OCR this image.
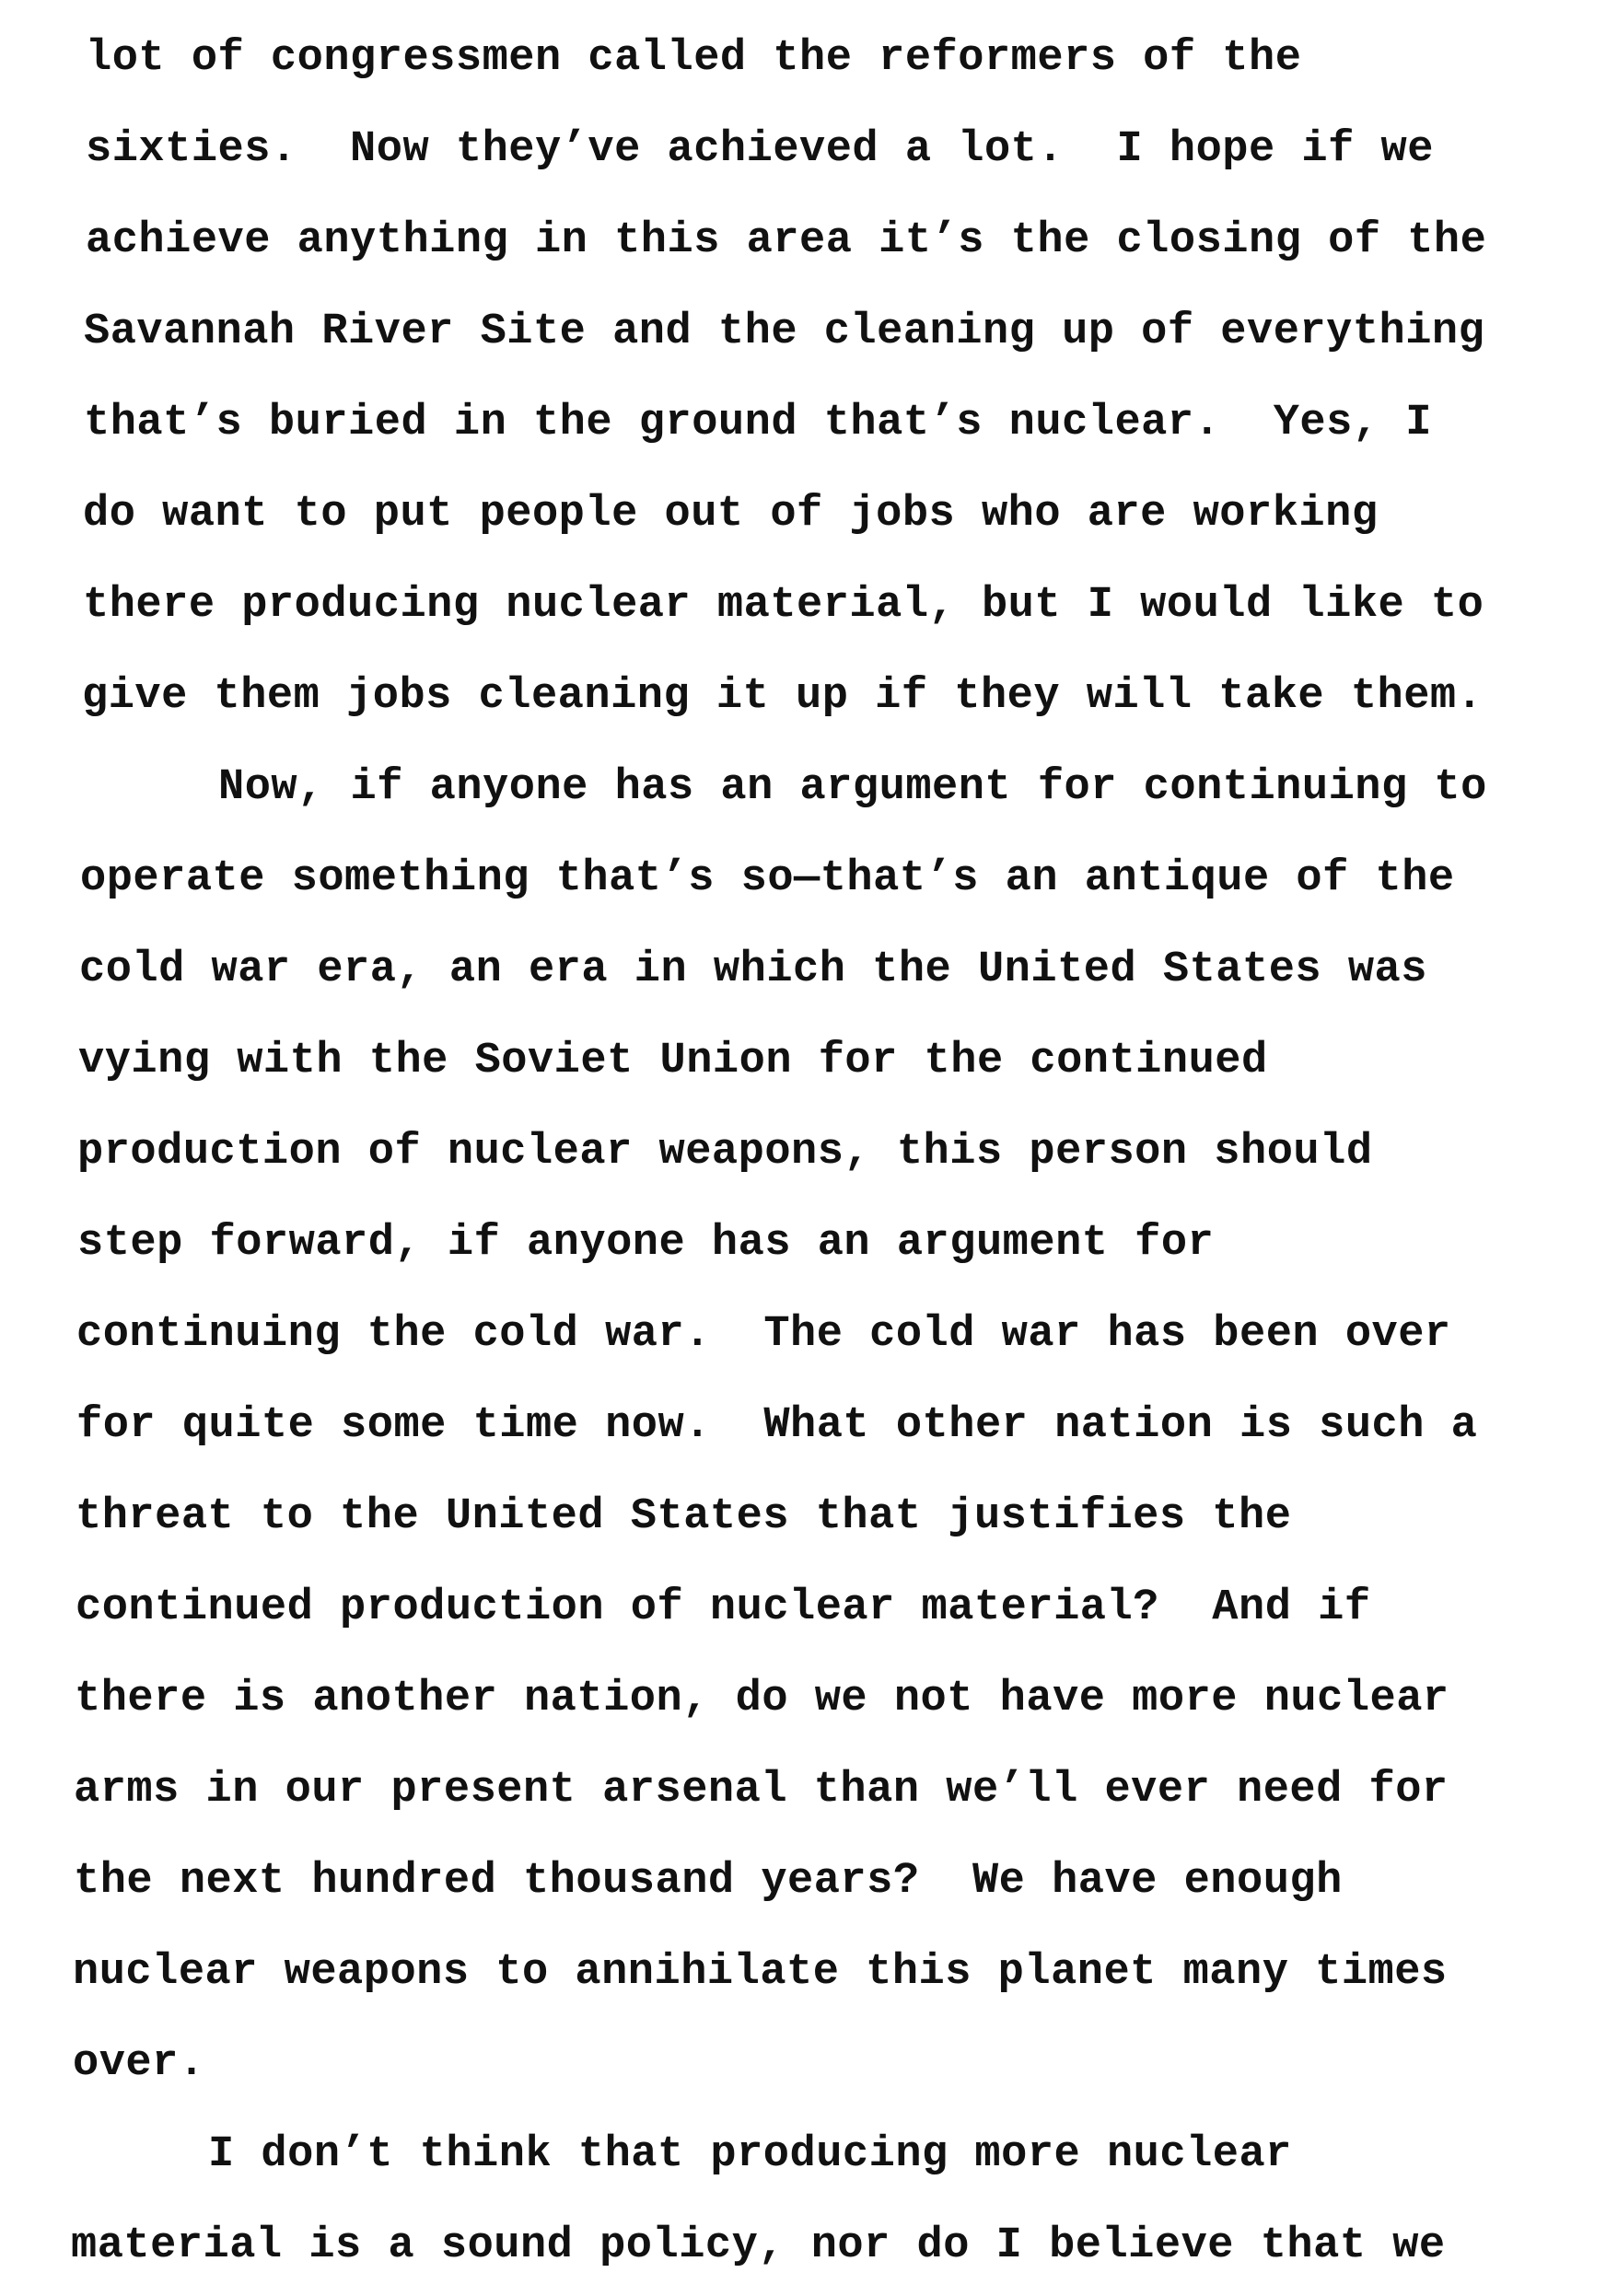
lot of congressmen called the reformers of the
sixties.  Now they’ve achieved a lot.  I hope if we
achieve anything in this area it’s the closing of the
Savannah River Site and the cleaning up of everything
that’s buried in the ground that’s nuclear.  Yes, I
do want to put people out of jobs who are working
there producing nuclear material, but I would like to
give them jobs cleaning it up if they will take them.
Now, if anyone has an argument for continuing to
operate something that’s so—that’s an antique of the
cold war era, an era in which the United States was
vying with the Soviet Union for the continued
production of nuclear weapons, this person should
step forward, if anyone has an argument for
continuing the cold war.  The cold war has been over
for quite some time now.  What other nation is such a
threat to the United States that justifies the
continued production of nuclear material?  And if
there is another nation, do we not have more nuclear
arms in our present arsenal than we’ll ever need for
the next hundred thousand years?  We have enough
nuclear weapons to annihilate this planet many times
over.
I don’t think that producing more nuclear
material is a sound policy, nor do I believe that we
